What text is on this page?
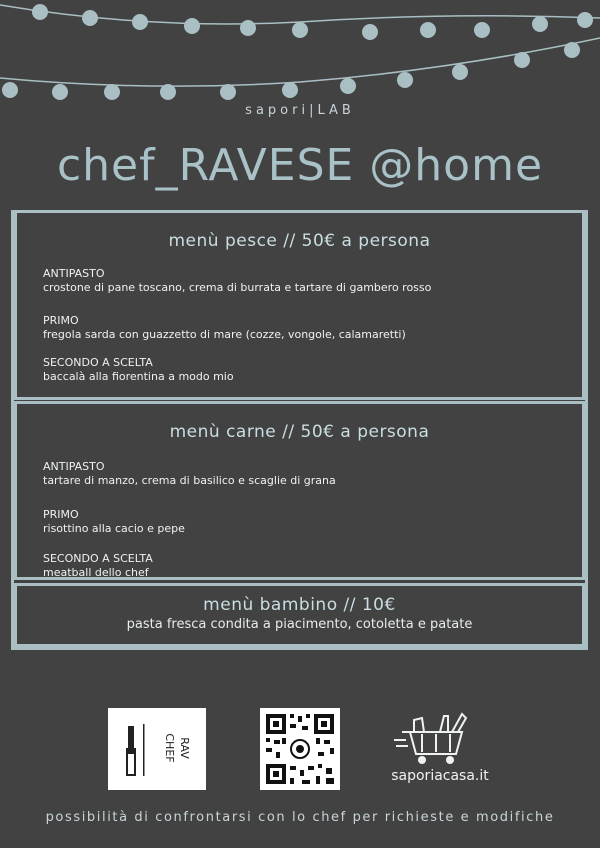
sapori|LAB
chef_RAVESE @home
menù pesce // 50€ a persona
ANTIPASTO
crostone di pane toscano, crema di burrata e tartare di gambero rosso
PRIMO
fregola sarda con guazzetto di mare (cozze, vongole, calamaretti)
SECONDO A SCELTA
baccalà alla fiorentina a modo mio
menù carne // 50€ a persona
ANTIPASTO
tartare di manzo, crema di basilico e scaglie di grana
PRIMO
risottino alla cacio e pepe
SECONDO A SCELTA
meatball dello chef
menù bambino // 10€
pasta fresca condita a piacimento, cotoletta e patate
CHEF RAV
saporiacasa.it
possibilità di confrontarsi con lo chef per richieste e modifiche
